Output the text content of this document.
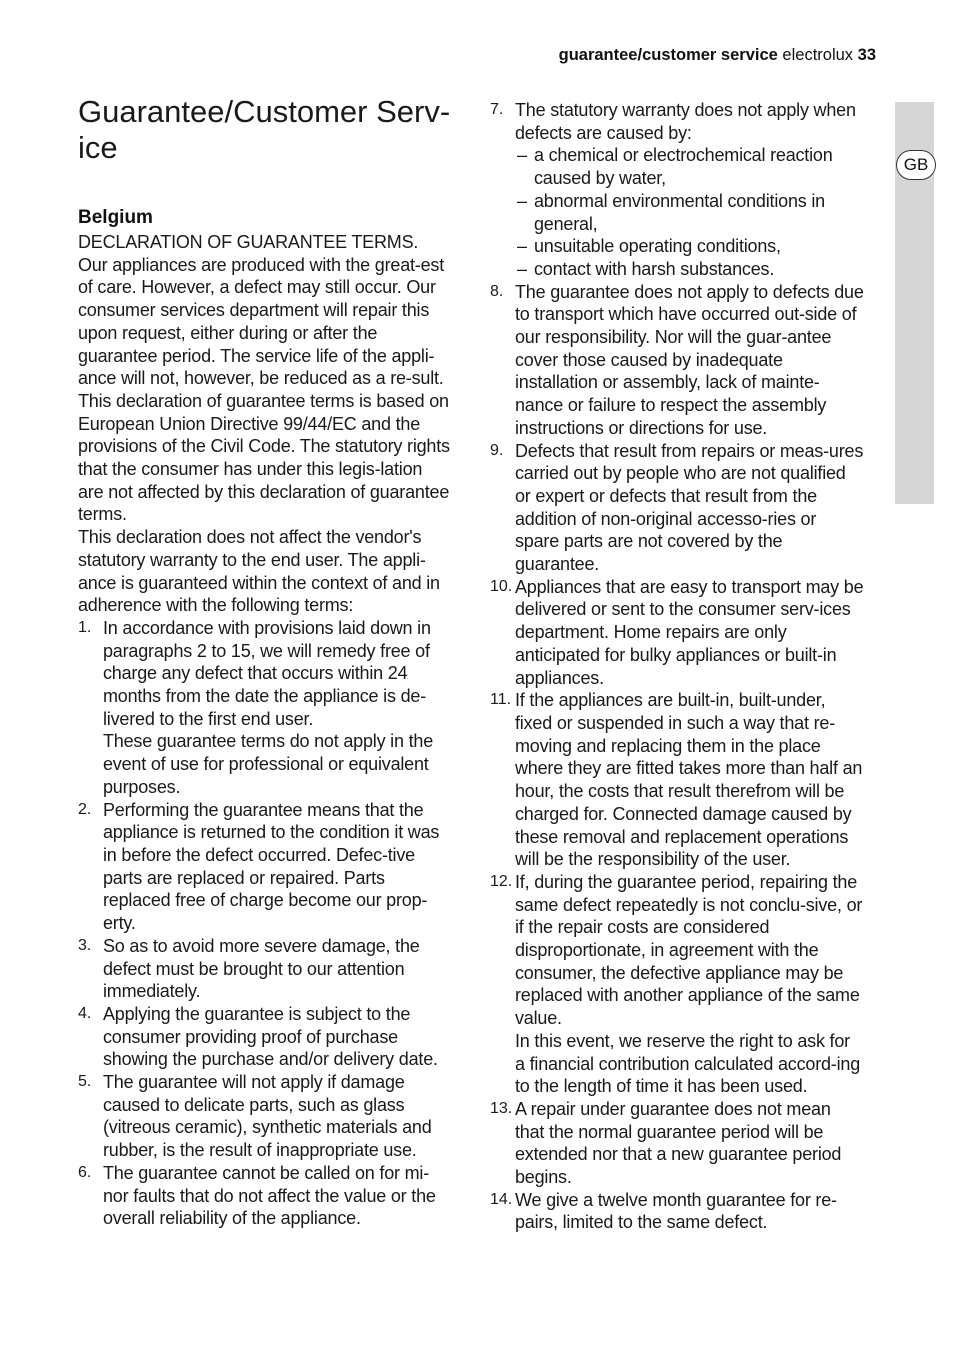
guarantee/customer service electrolux 33
GB
Guarantee/Customer Serv-
ice
Belgium

DECLARATION OF GUARANTEE TERMS. Our appliances are produced with the great-est of care. However, a defect may still occur. Our consumer services department will repair this upon request, either during or after the guarantee period. The service life of the appli-ance will not, however, be reduced as a re-sult.

This declaration of guarantee terms is based on European Union Directive 99/44/EC and the provisions of the Civil Code. The statutory rights that the consumer has under this legis-lation are not affected by this declaration of guarantee terms.

This declaration does not affect the vendor's statutory warranty to the end user. The appli-ance is guaranteed within the context of and in adherence with the following terms:

1. In accordance with provisions laid down in paragraphs 2 to 15, we will remedy free of charge any defect that occurs within 24 months from the date the appliance is de-livered to the first end user.

These guarantee terms do not apply in the event of use for professional or equivalent purposes.

2. Performing the guarantee means that the appliance is returned to the condition it was in before the defect occurred. Defec-tive parts are replaced or repaired. Parts replaced free of charge become our prop-erty.

3. So as to avoid more severe damage, the defect must be brought to our attention immediately.

4. Applying the guarantee is subject to the consumer providing proof of purchase showing the purchase and/or delivery date.

5. The guarantee will not apply if damage caused to delicate parts, such as glass (vitreous ceramic), synthetic materials and rubber, is the result of inappropriate use.

6. The guarantee cannot be called on for mi-nor faults that do not affect the value or the overall reliability of the appliance.

7. The statutory warranty does not apply when defects are caused by:

– a chemical or electrochemical reaction caused by water,
– abnormal environmental conditions in general,
– unsuitable operating conditions,
– contact with harsh substances.
8. The guarantee does not apply to defects due to transport which have occurred out-side of our responsibility. Nor will the guar-antee cover those caused by inadequate installation or assembly, lack of mainte-nance or failure to respect the assembly instructions or directions for use.

9. Defects that result from repairs or meas-ures carried out by people who are not qualified or expert or defects that result from the addition of non-original accesso-ries or spare parts are not covered by the guarantee.

10. Appliances that are easy to transport may be delivered or sent to the consumer serv-ices department. Home repairs are only anticipated for bulky appliances or built-in appliances.

11. If the appliances are built-in, built-under, fixed or suspended in such a way that re-moving and replacing them in the place where they are fitted takes more than half an hour, the costs that result therefrom will be charged for. Connected damage caused by these removal and replacement operations will be the responsibility of the user.

12. If, during the guarantee period, repairing the same defect repeatedly is not conclu-sive, or if the repair costs are considered disproportionate, in agreement with the consumer, the defective appliance may be replaced with another appliance of the same value.

In this event, we reserve the right to ask for a financial contribution calculated accord-ing to the length of time it has been used.

13. A repair under guarantee does not mean that the normal guarantee period will be extended nor that a new guarantee period begins.

14. We give a twelve month guarantee for re-pairs, limited to the same defect.
